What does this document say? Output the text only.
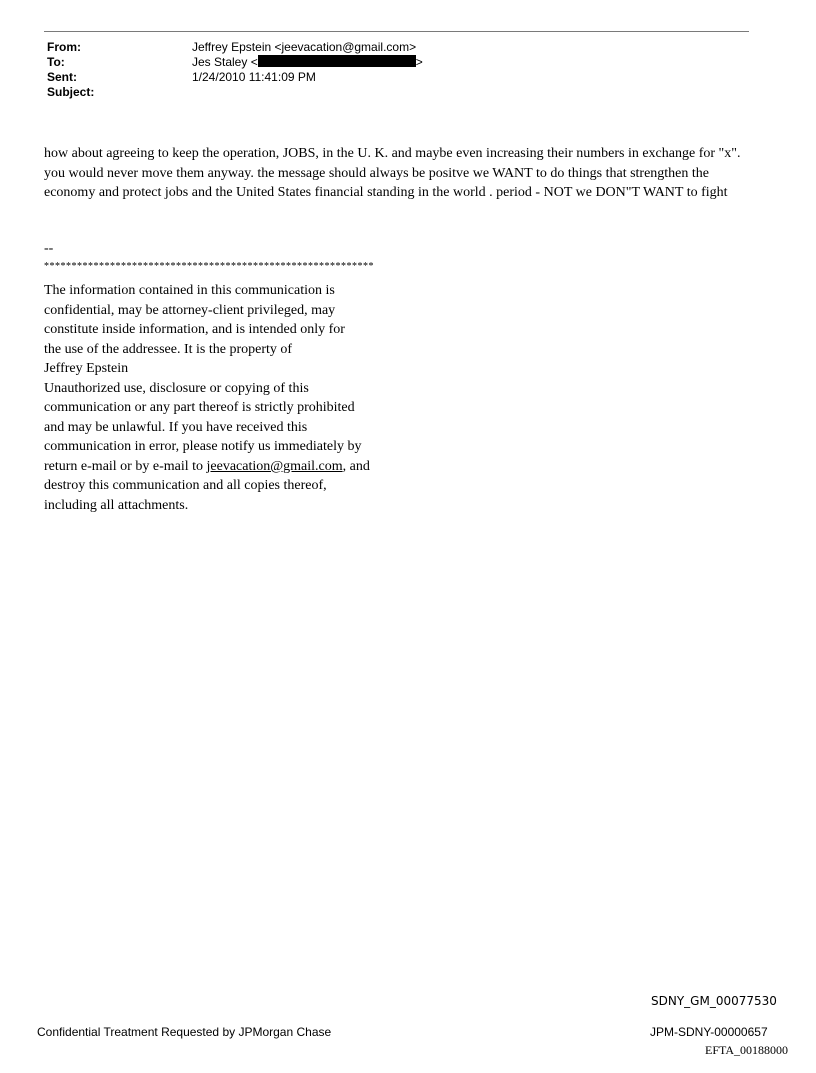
From:	Jeffrey Epstein <jeevacation@gmail.com>
To:	Jes Staley <	>
Sent:	1/24/2010 11:41:09 PM
Subject:

how about agreeing to keep the operation, JOBS, in the U. K. and maybe even increasing their numbers in exchange for "x". you would never move them anyway. the message should always be positve we WANT to do things that strengthen the economy and protect jobs and the United States financial standing in the world . period - NOT we DON"T WANT to fight

--
************************************************************
The information contained in this communication is
confidential, may be attorney-client privileged, may
constitute inside information, and is intended only for
the use of the addressee. It is the property of
Jeffrey Epstein
Unauthorized use, disclosure or copying of this
communication or any part thereof is strictly prohibited
and may be unlawful. If you have received this
communication in error, please notify us immediately by
return e-mail or by e-mail to jeevacation@gmail.com, and
destroy this communication and all copies thereof,
including all attachments.
SDNY_GM_00077530
Confidential Treatment Requested by JPMorgan Chase	JPM-SDNY-00000657
EFTA_00188000
